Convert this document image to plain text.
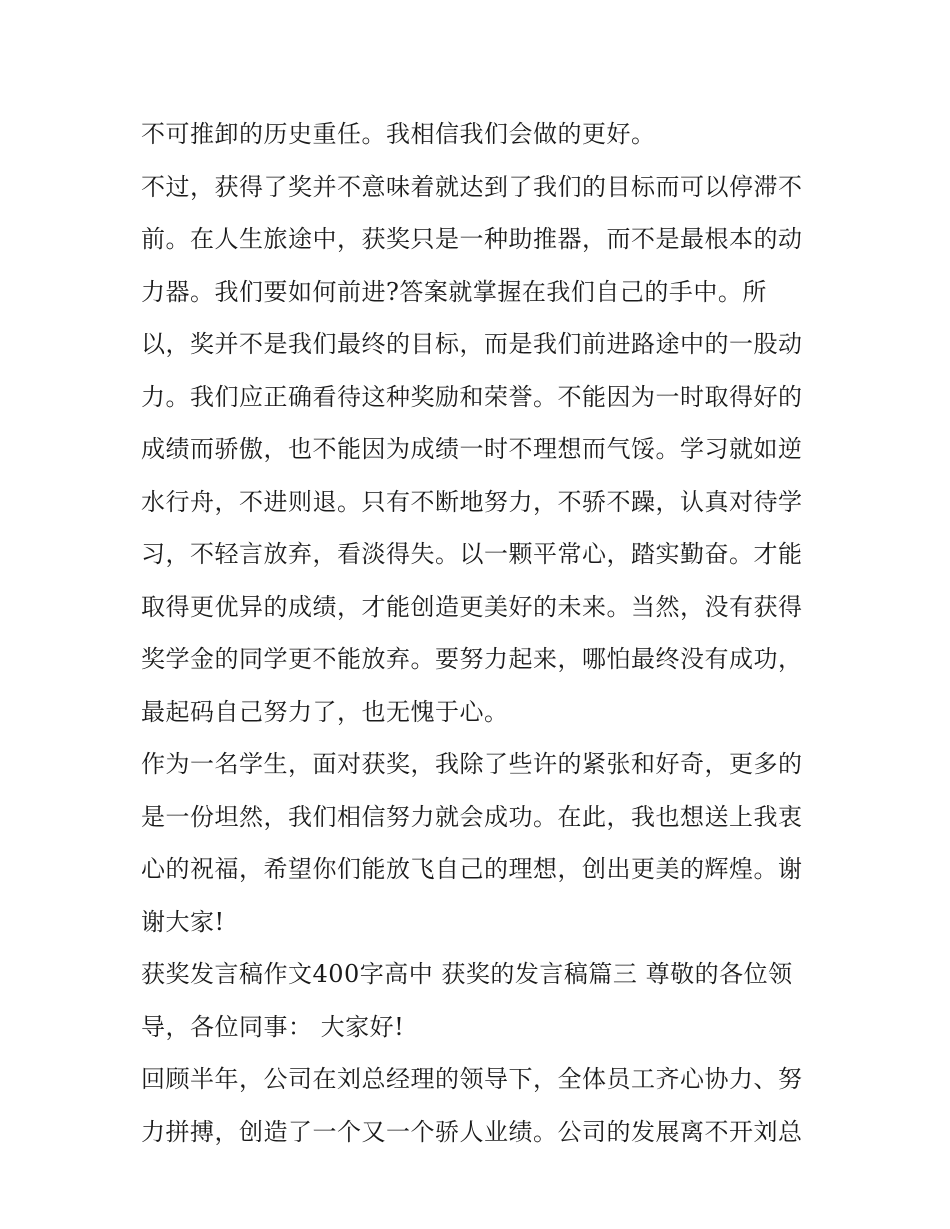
不可推卸的历史重任。我相信我们会做的更好。
不过，获得了奖并不意味着就达到了我们的目标而可以停滞不
前。在人生旅途中，获奖只是一种助推器，而不是最根本的动
力器。我们要如何前进?答案就掌握在我们自己的手中。所
以，奖并不是我们最终的目标，而是我们前进路途中的一股动
力。我们应正确看待这种奖励和荣誉。不能因为一时取得好的
成绩而骄傲，也不能因为成绩一时不理想而气馁。学习就如逆
水行舟，不进则退。只有不断地努力，不骄不躁，认真对待学
习，不轻言放弃，看淡得失。以一颗平常心，踏实勤奋。才能
取得更优异的成绩，才能创造更美好的未来。当然，没有获得
奖学金的同学更不能放弃。要努力起来，哪怕最终没有成功，
最起码自己努力了，也无愧于心。
作为一名学生，面对获奖，我除了些许的紧张和好奇，更多的
是一份坦然，我们相信努力就会成功。在此，我也想送上我衷
心的祝福，希望你们能放飞自己的理想，创出更美的辉煌。谢
谢大家!
获奖发言稿作文400字高中 获奖的发言稿篇三 尊敬的各位领
导，各位同事： 大家好!
回顾半年，公司在刘总经理的领导下，全体员工齐心协力、努
力拼搏，创造了一个又一个骄人业绩。公司的发展离不开刘总
